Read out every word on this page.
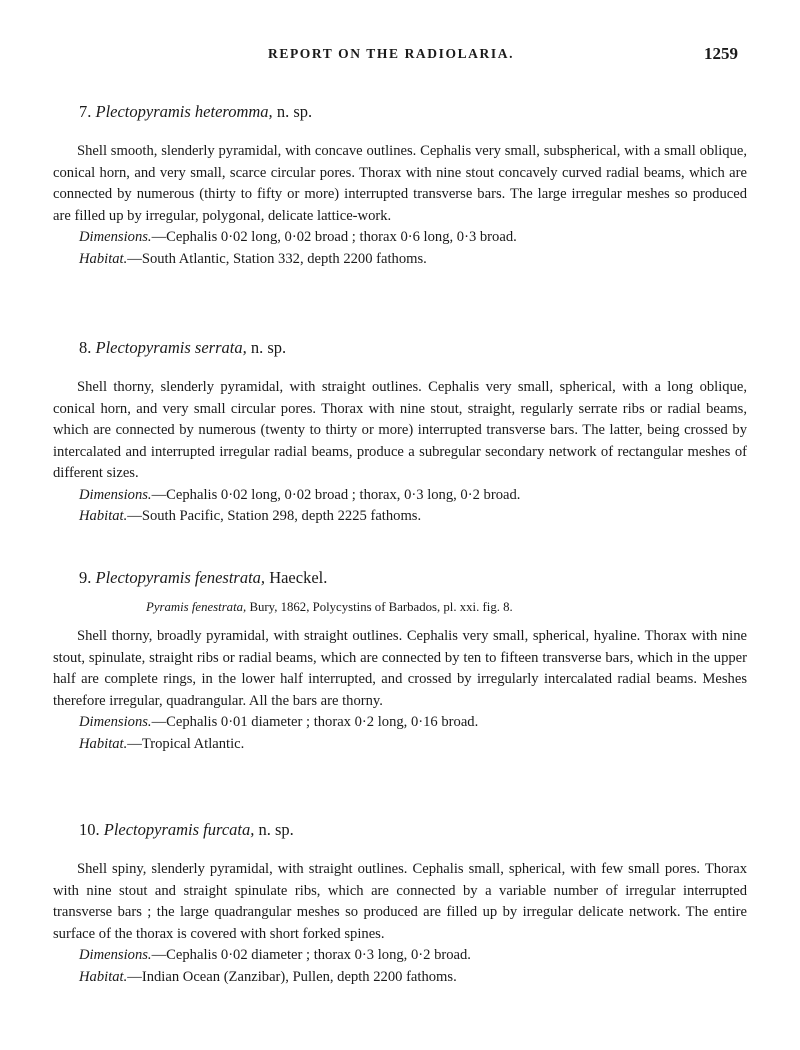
REPORT ON THE RADIOLARIA.	1259
7. Plectopyramis heteromma, n. sp.

Shell smooth, slenderly pyramidal, with concave outlines. Cephalis very small, subspherical, with a small oblique, conical horn, and very small, scarce circular pores. Thorax with nine stout concavely curved radial beams, which are connected by numerous (thirty to fifty or more) interrupted transverse bars. The large irregular meshes so produced are filled up by irregular, polygonal, delicate lattice-work.

Dimensions.—Cephalis 0·02 long, 0·02 broad ; thorax 0·6 long, 0·3 broad.
Habitat.—South Atlantic, Station 332, depth 2200 fathoms.
8. Plectopyramis serrata, n. sp.

Shell thorny, slenderly pyramidal, with straight outlines. Cephalis very small, spherical, with a long oblique, conical horn, and very small circular pores. Thorax with nine stout, straight, regularly serrate ribs or radial beams, which are connected by numerous (twenty to thirty or more) interrupted transverse bars. The latter, being crossed by intercalated and interrupted irregular radial beams, produce a subregular secondary network of rectangular meshes of different sizes.

Dimensions.—Cephalis 0·02 long, 0·02 broad ; thorax, 0·3 long, 0·2 broad.
Habitat.—South Pacific, Station 298, depth 2225 fathoms.
9. Plectopyramis fenestrata, Haeckel.
Pyramis fenestrata, Bury, 1862, Polycystins of Barbados, pl. xxi. fig. 8.

Shell thorny, broadly pyramidal, with straight outlines. Cephalis very small, spherical, hyaline. Thorax with nine stout, spinulate, straight ribs or radial beams, which are connected by ten to fifteen transverse bars, which in the upper half are complete rings, in the lower half interrupted, and crossed by irregularly intercalated radial beams. Meshes therefore irregular, quadrangular. All the bars are thorny.

Dimensions.—Cephalis 0·01 diameter ; thorax 0·2 long, 0·16 broad.
Habitat.—Tropical Atlantic.
10. Plectopyramis furcata, n. sp.

Shell spiny, slenderly pyramidal, with straight outlines. Cephalis small, spherical, with few small pores. Thorax with nine stout and straight spinulate ribs, which are connected by a variable number of irregular interrupted transverse bars ; the large quadrangular meshes so produced are filled up by irregular delicate network. The entire surface of the thorax is covered with short forked spines.

Dimensions.—Cephalis 0·02 diameter ; thorax 0·3 long, 0·2 broad.
Habitat.—Indian Ocean (Zanzibar), Pullen, depth 2200 fathoms.
